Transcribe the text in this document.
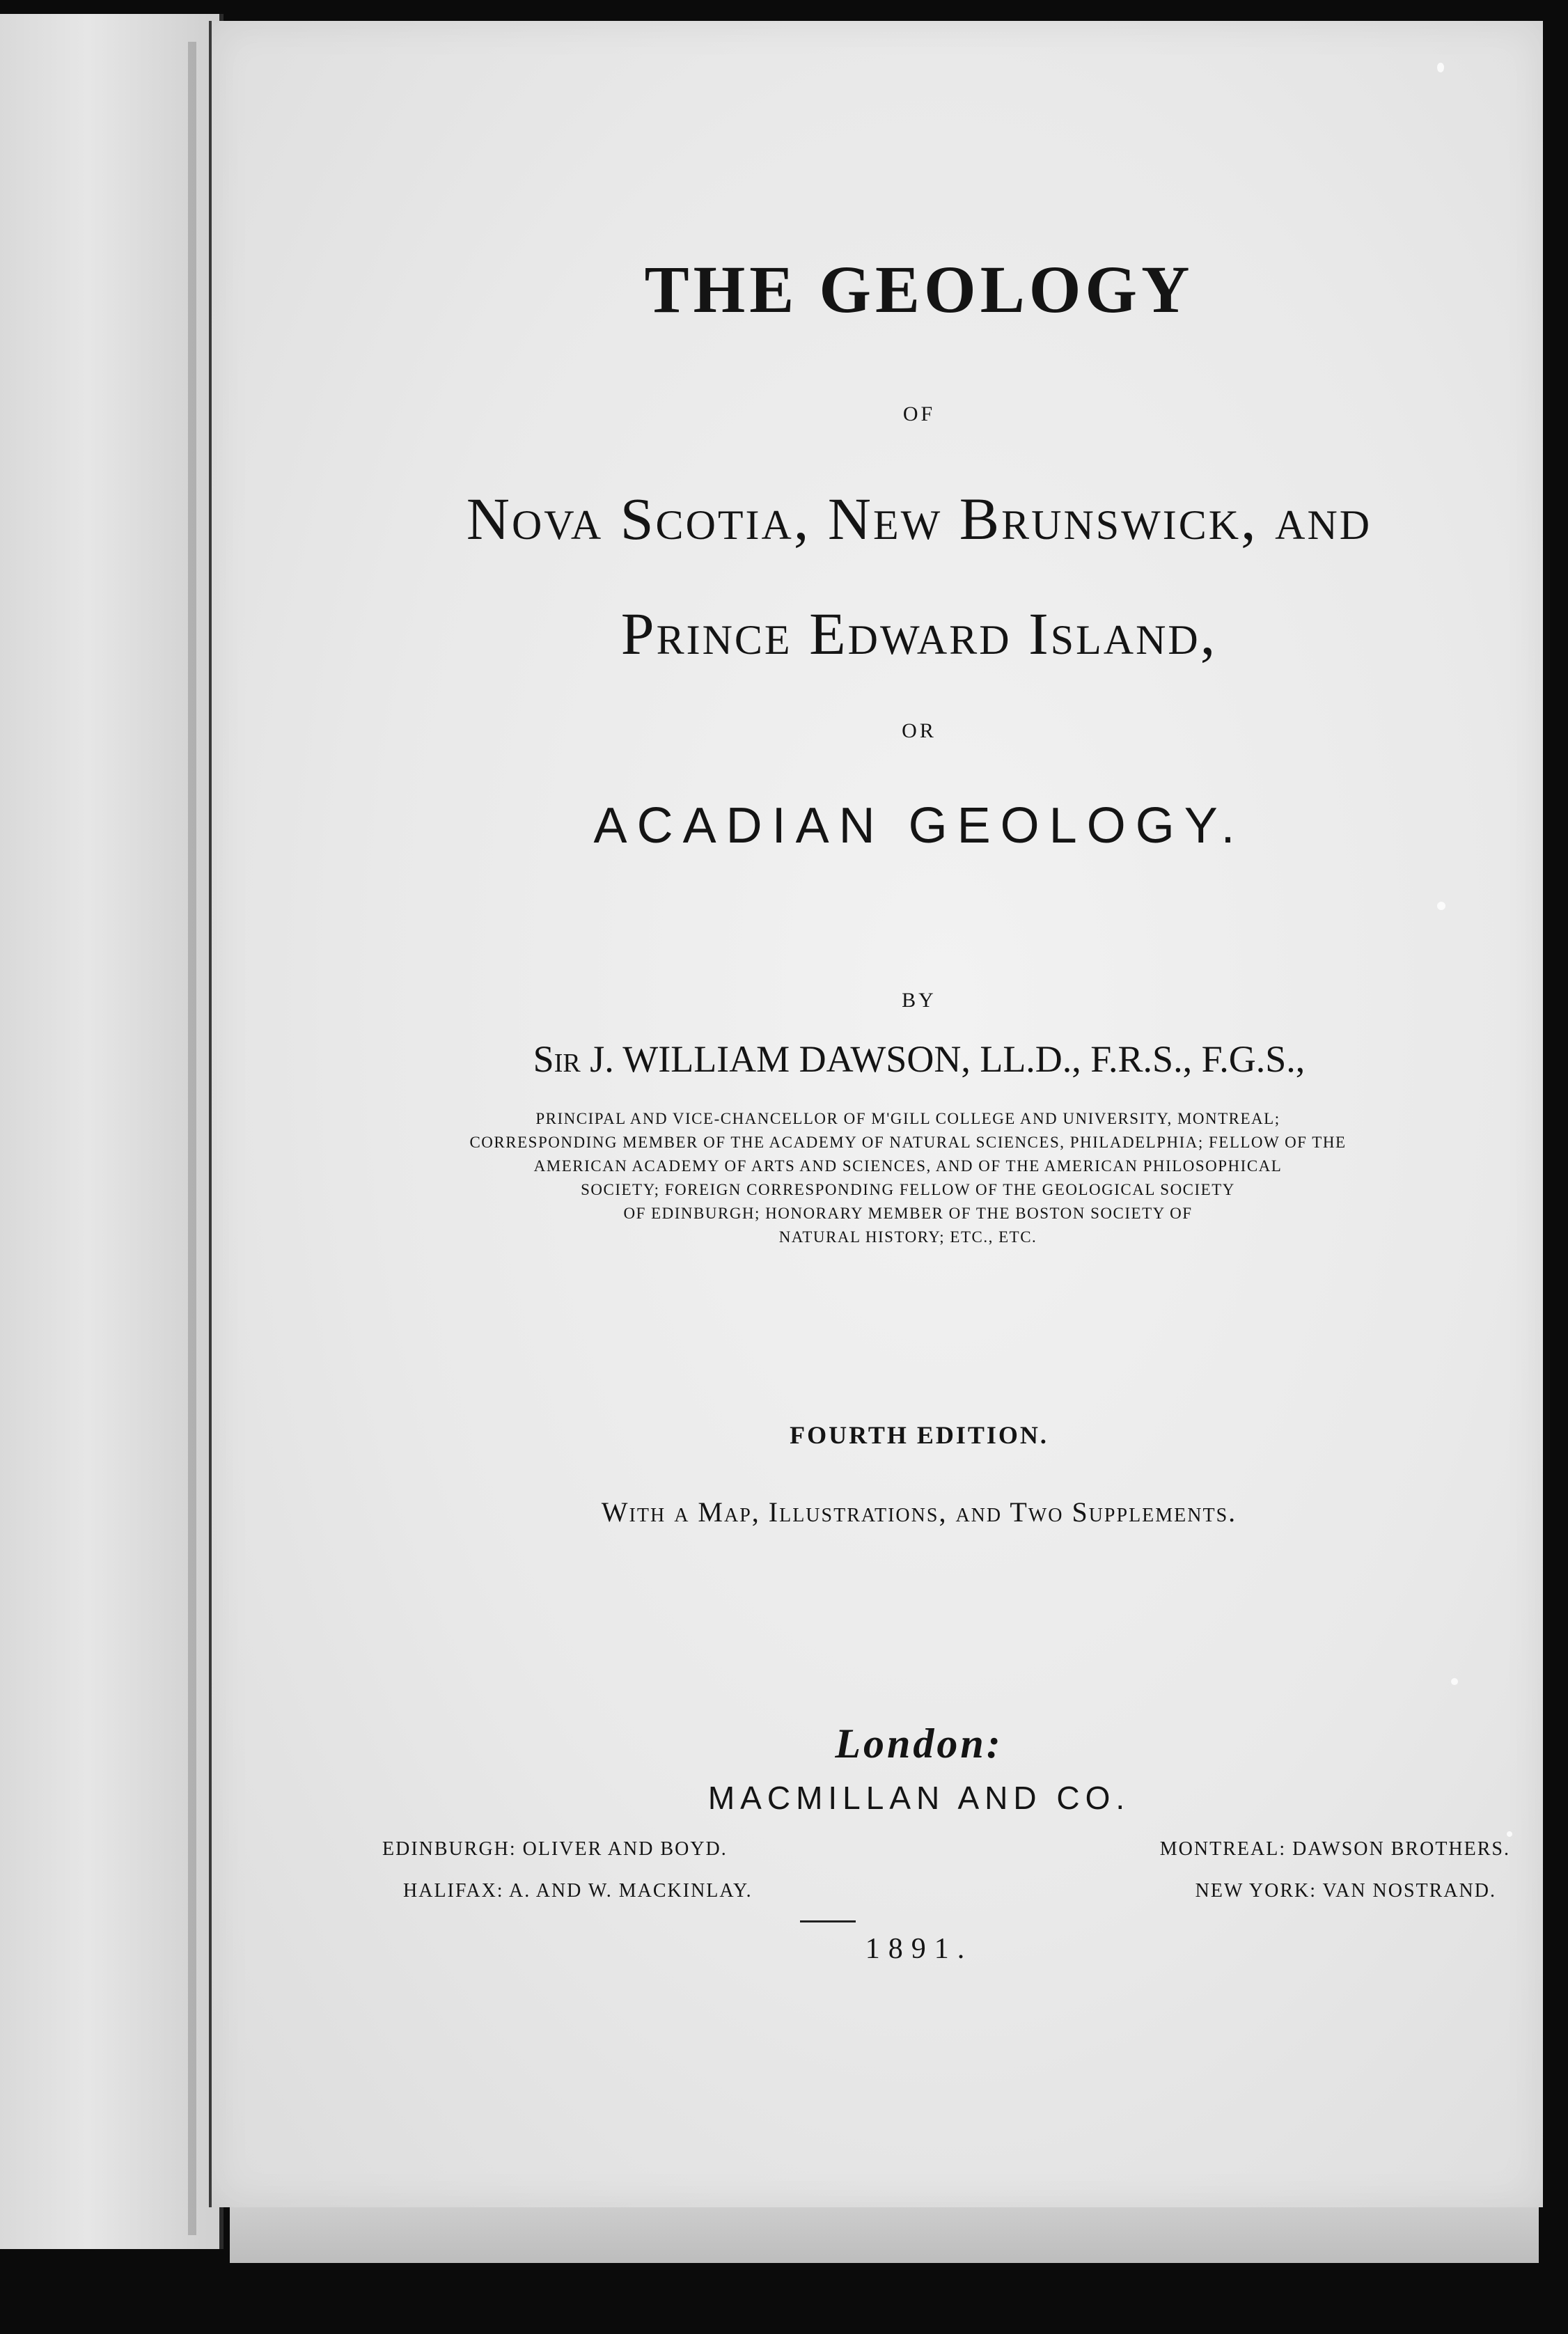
THE GEOLOGY
OF
Nova Scotia, New Brunswick, and
Prince Edward Island,
OR
ACADIAN GEOLOGY.
BY
Sir J. WILLIAM DAWSON, LL.D., F.R.S., F.G.S.,
PRINCIPAL AND VICE-CHANCELLOR OF M'GILL COLLEGE AND UNIVERSITY, MONTREAL;
CORRESPONDING MEMBER OF THE ACADEMY OF NATURAL SCIENCES, PHILADELPHIA; FELLOW OF THE
AMERICAN ACADEMY OF ARTS AND SCIENCES, AND OF THE AMERICAN PHILOSOPHICAL
SOCIETY; FOREIGN CORRESPONDING FELLOW OF THE GEOLOGICAL SOCIETY
OF EDINBURGH; HONORARY MEMBER OF THE BOSTON SOCIETY OF
NATURAL HISTORY; ETC., ETC.
FOURTH EDITION.
With a Map, Illustrations, and Two Supplements.
London:
MACMILLAN AND CO.
EDINBURGH: OLIVER AND BOYD.	MONTREAL: DAWSON BROTHERS.
HALIFAX: A. AND W. MACKINLAY.	NEW YORK: VAN NOSTRAND.
1891.
